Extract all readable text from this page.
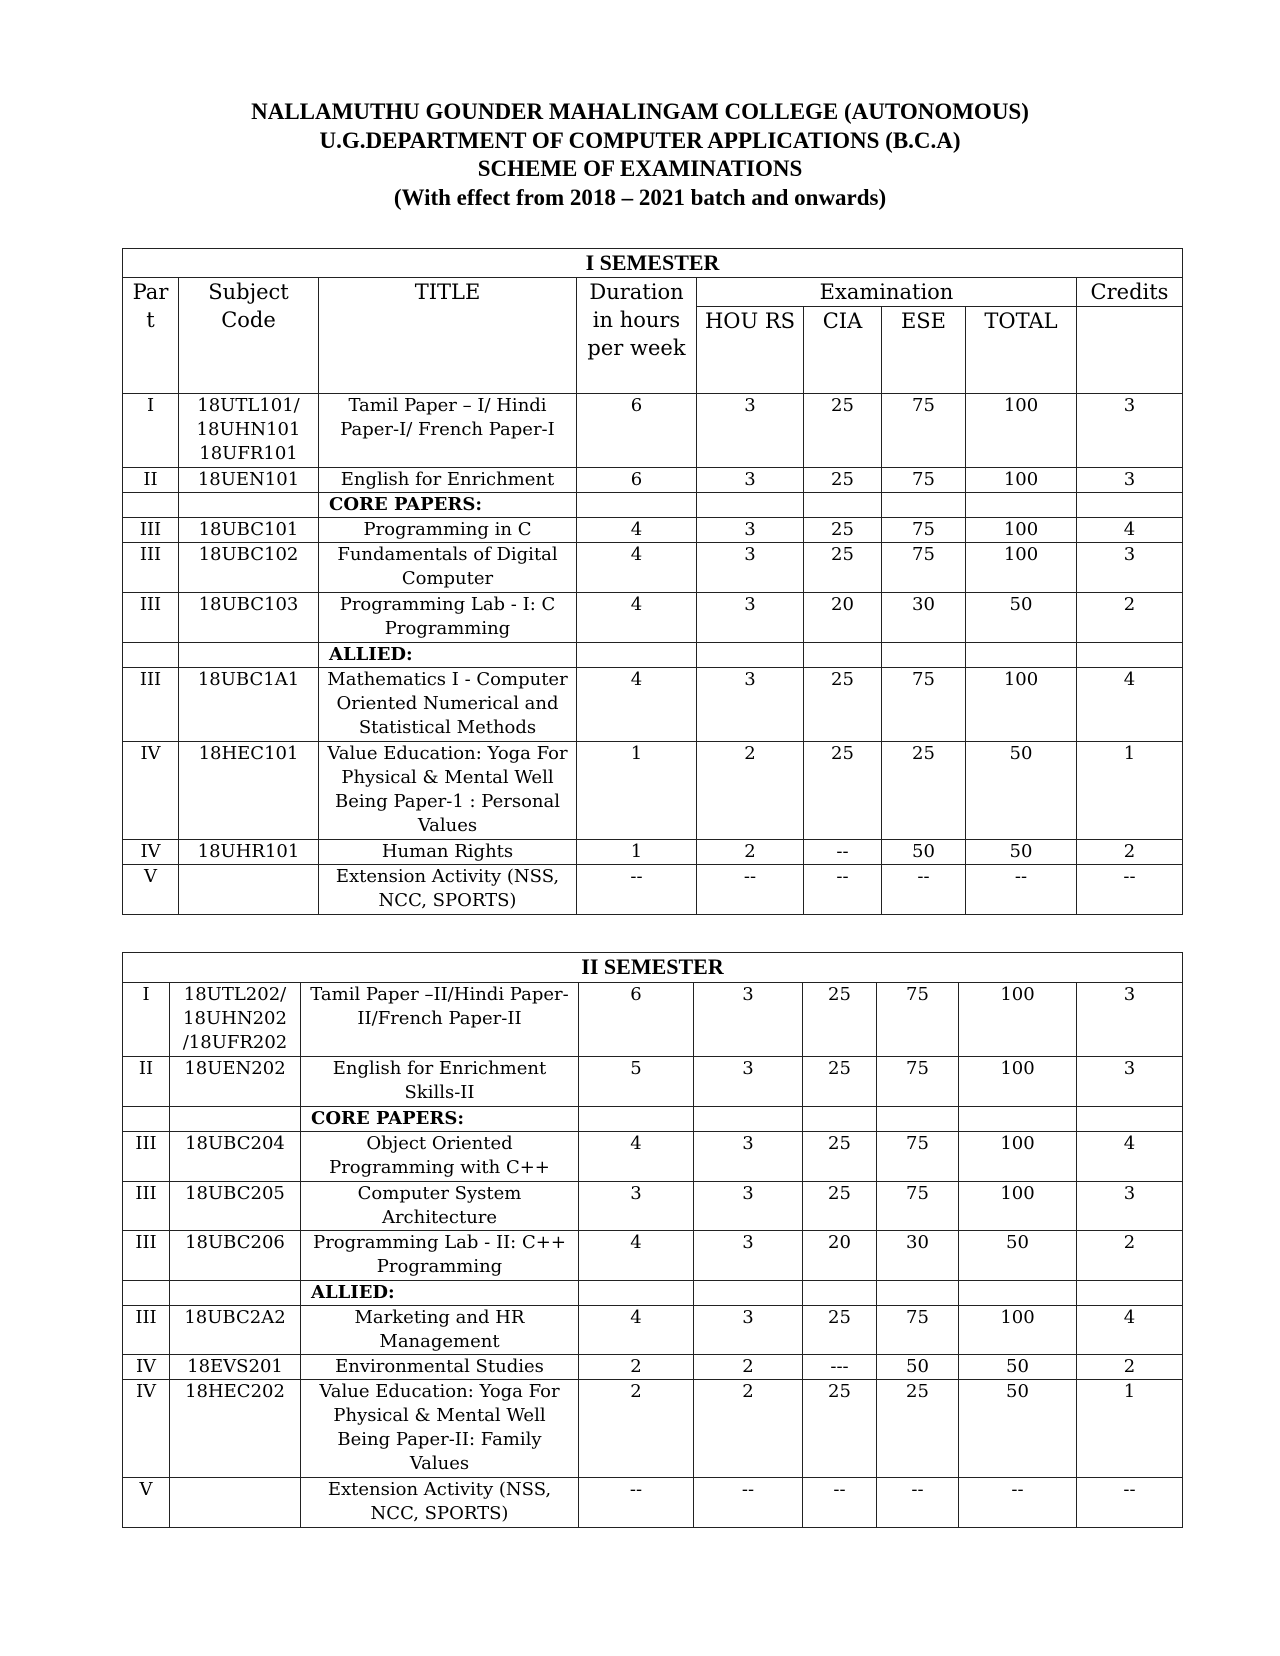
NALLAMUTHU GOUNDER MAHALINGAM COLLEGE (AUTONOMOUS)
U.G.DEPARTMENT OF COMPUTER APPLICATIONS (B.C.A)
SCHEME OF EXAMINATIONS
(With effect from 2018 – 2021 batch and onwards)
I SEMESTER								
Par t	Subject Code	TITLE	Duration in hours per week	Examination				Credits
				HOU RS	CIA	ESE	TOTAL	
I	18UTL101/ 18UHN101 18UFR101	Tamil Paper – I/ Hindi Paper-I/ French Paper-I	6	3	25	75	100	3
II	18UEN101	English for Enrichment	6	3	25	75	100	3
		CORE PAPERS:						
III	18UBC101	Programming in C	4	3	25	75	100	4
III	18UBC102	Fundamentals of Digital Computer	4	3	25	75	100	3
III	18UBC103	Programming Lab - I: C Programming	4	3	20	30	50	2
		ALLIED:						
III	18UBC1A1	Mathematics I - Computer Oriented Numerical and Statistical Methods	4	3	25	75	100	4
IV	18HEC101	Value Education: Yoga For Physical & Mental Well Being Paper-1 : Personal Values	1	2	25	25	50	1
IV	18UHR101	Human Rights	1	2	--	50	50	2
V		Extension Activity (NSS, NCC, SPORTS)	--	--	--	--	--	--
II SEMESTER								
I	18UTL202/ 18UHN202 /18UFR202	Tamil Paper –II/Hindi Paper-II/French Paper-II	6	3	25	75	100	3
II	18UEN202	English for Enrichment Skills-II	5	3	25	75	100	3
		CORE PAPERS:						
III	18UBC204	Object Oriented Programming with C++	4	3	25	75	100	4
III	18UBC205	Computer System Architecture	3	3	25	75	100	3
III	18UBC206	Programming Lab - II: C++ Programming	4	3	20	30	50	2
		ALLIED:						
III	18UBC2A2	Marketing and HR Management	4	3	25	75	100	4
IV	18EVS201	Environmental Studies	2	2	---	50	50	2
IV	18HEC202	Value Education: Yoga For Physical & Mental Well Being Paper-II: Family Values	2	2	25	25	50	1
V		Extension Activity (NSS, NCC, SPORTS)	--	--	--	--	--	--
